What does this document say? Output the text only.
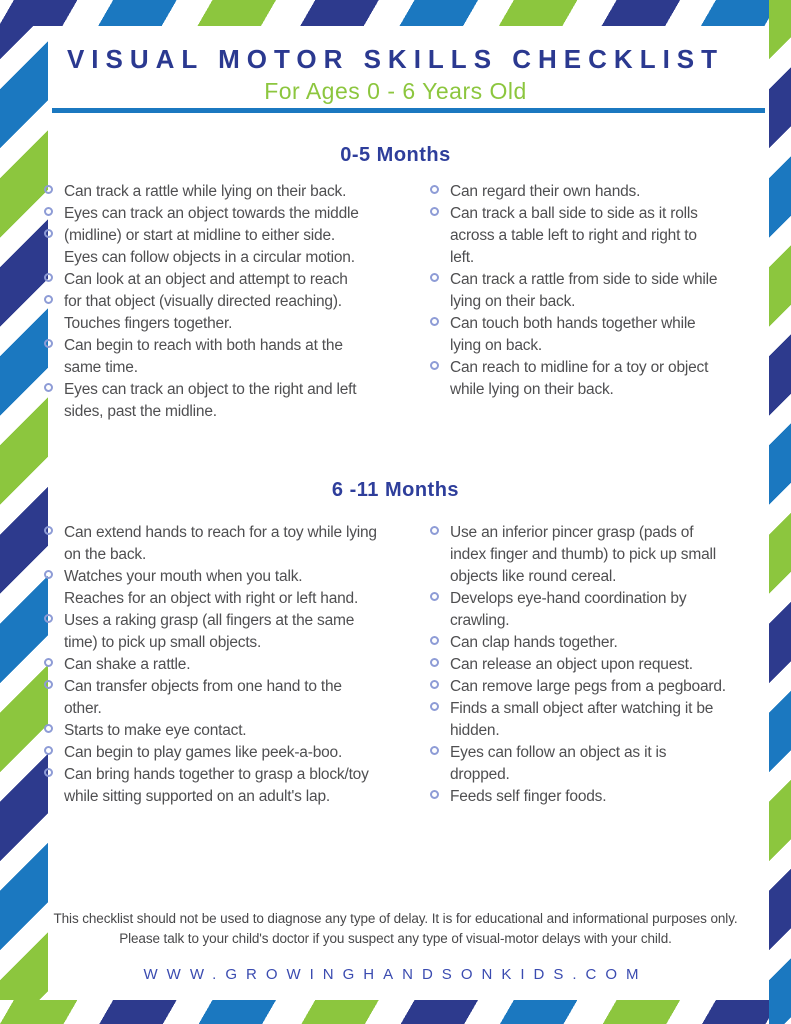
VISUAL MOTOR SKILLS CHECKLIST
For Ages 0 - 6 Years Old
0-5 Months
Can track a rattle while lying on their back.
Eyes can track an object towards the middle
(midline) or start at midline to either side.
Eyes can follow objects in a circular motion.
Can look at an object and attempt to reach
for that object (visually directed reaching).
Touches fingers together.
Can begin to reach with both hands at the
same time.
Eyes can track an object to the right and left
sides, past the midline.
Can regard their own hands.
Can track a ball side to side as it rolls
across a table left to right and right to
left.
Can track a rattle from side to side while
lying on their back.
Can touch both hands together while
lying on back.
Can reach to midline for a toy or object
while lying on their back.
6 -11 Months
Can extend hands to reach for a toy while lying
on the back.
Watches your mouth when you talk.
Reaches for an object with right or left hand.
Uses a raking grasp (all fingers at the same
time) to pick up small objects.
Can shake a rattle.
Can transfer objects from one hand to the
other.
Starts to make eye contact.
Can begin to play games like peek-a-boo.
Can bring hands together to grasp a block/toy
while sitting supported on an adult's lap.
Use an inferior pincer grasp (pads of
index finger and thumb) to pick up small
objects like round cereal.
Develops eye-hand coordination by
crawling.
Can clap hands together.
Can release an object upon request.
Can remove large pegs from a pegboard.
Finds a small object after watching it be
hidden.
Eyes can follow an object as it is
dropped.
Feeds self finger foods.
This checklist should not be used to diagnose any type of delay. It is for educational and informational purposes only.
Please talk to your child's doctor if you suspect any type of visual-motor delays with your child.
WWW.GROWINGHANDSONKIDS.COM
